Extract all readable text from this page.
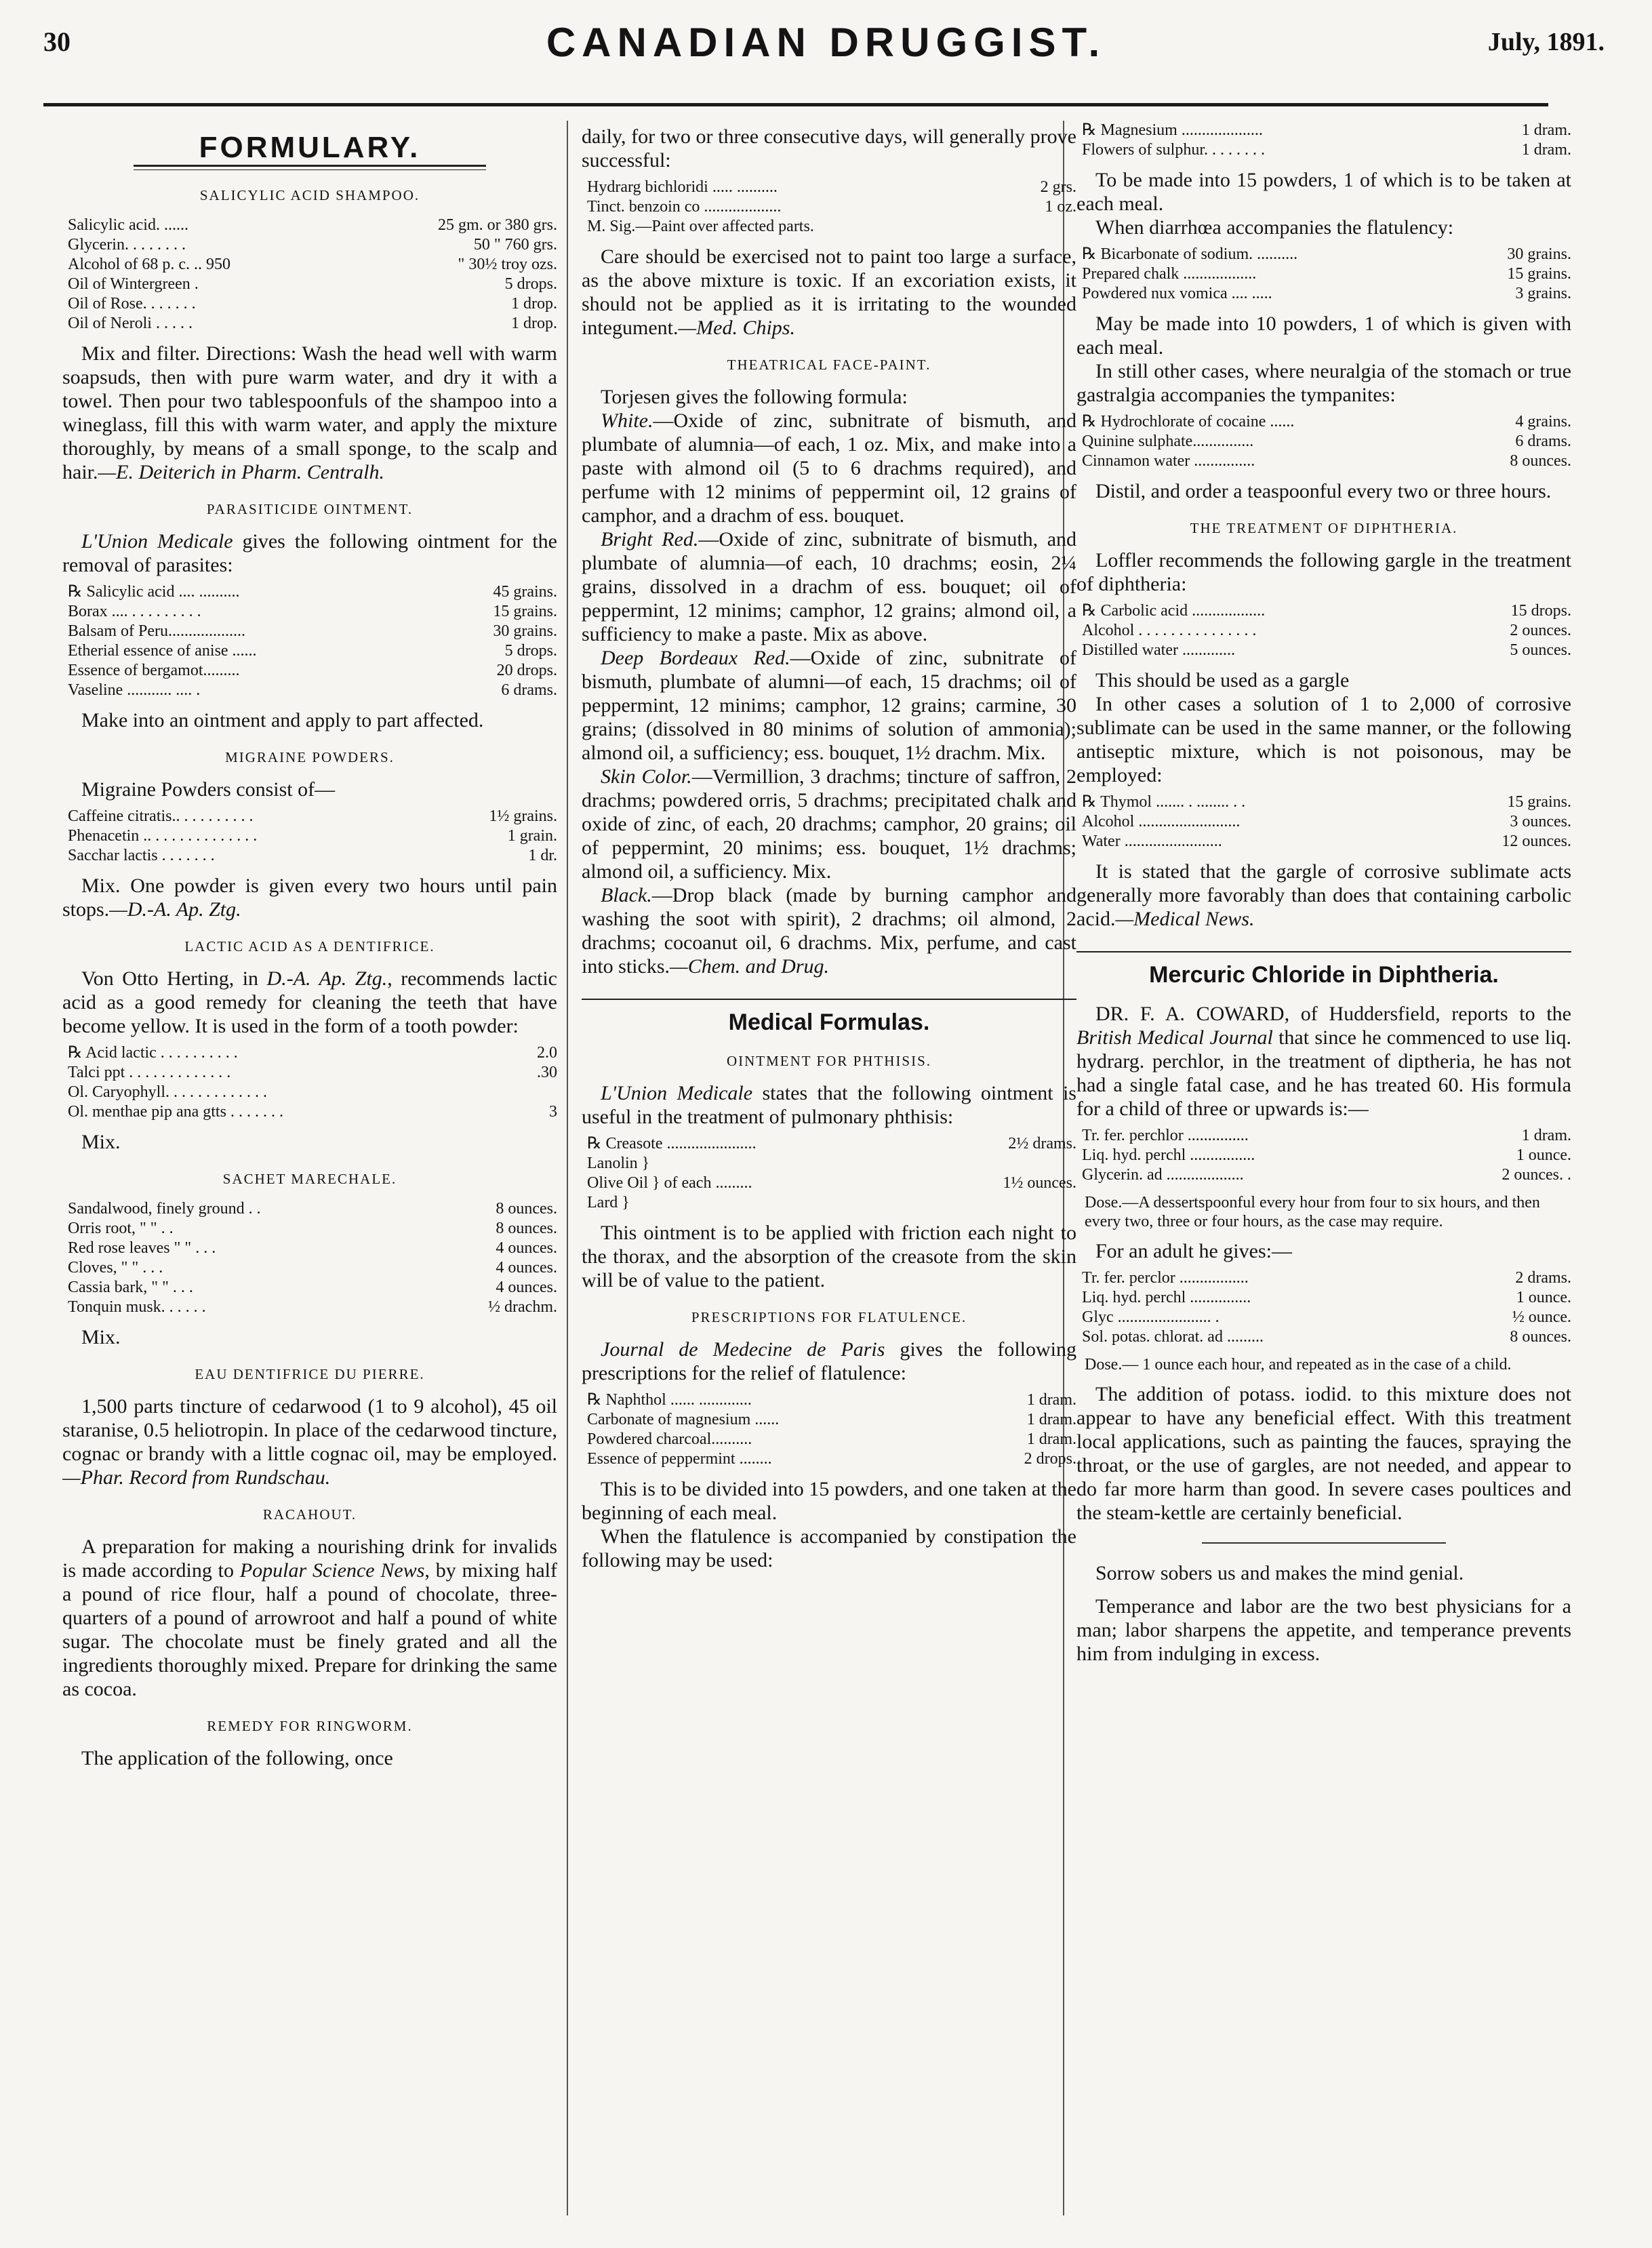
30	CANADIAN DRUGGIST.	July, 1891.
FORMULARY.
SALICYLIC ACID SHAMPOO.
Salicylic acid. ......	25 gm. or 380 grs.
Glycerin. . . . . . . .	50 " 760 grs.
Alcohol of 68 p. c. .. 950	" 30½ troy ozs.
Oil of Wintergreen .	5 drops.
Oil of Rose. . . . . . .	1 drop.
Oil of Neroli . . . . .	1 drop.

Mix and filter. Directions: Wash the head well with warm soapsuds, then with pure warm water, and dry it with a towel. Then pour two tablespoonfuls of the shampoo into a wineglass, fill this with warm water, and apply the mixture thoroughly, by means of a small sponge, to the scalp and hair.—E. Deiterich in Pharm. Centralh.

PARASITICIDE OINTMENT.

L'Union Medicale gives the following ointment for the removal of parasites:

℞ Salicylic acid .... ..........	45 grains.
Borax .... . . . . . . . . .	15 grains.
Balsam of Peru...................	30 grains.
Etherial essence of anise ......	5 drops.
Essence of bergamot.........	20 drops.
Vaseline ........... .... .	6 drams.

Make into an ointment and apply to part affected.

MIGRAINE POWDERS.

Migraine Powders consist of—

Caffeine citratis.. . . . . . . . . .	1½ grains.
Phenacetin .. . . . . . . . . . . . . .	1 grain.
Sacchar lactis . . . . . . .	1 dr.

Mix. One powder is given every two hours until pain stops.—D.-A. Ap. Ztg.

LACTIC ACID AS A DENTIFRICE.

Von Otto Herting, in D.-A. Ap. Ztg., recommends lactic acid as a good remedy for cleaning the teeth that have become yellow. It is used in the form of a tooth powder:

℞ Acid lactic . . . . . . . . . .	2.0
Talci ppt . . . . . . . . . . . . .	.30
Ol. Caryophyll. . . . . . . . . . . . .
Ol. menthae pip ana gtts . . . . . . .	3

Mix.

SACHET MARECHALE.
Sandalwood, finely ground . .	8 ounces.
Orris root, " " . .	8 ounces.
Red rose leaves " " . . .	4 ounces.
Cloves, " " . . .	4 ounces.
Cassia bark, " " . . .	4 ounces.
Tonquin musk. . . . . .	½ drachm.

Mix.

EAU DENTIFRICE DU PIERRE.

1,500 parts tincture of cedarwood (1 to 9 alcohol), 45 oil staranise, 0.5 heliotropin. In place of the cedarwood tincture, cognac or brandy with a little cognac oil, may be employed.—Phar. Record from Rundschau.

RACAHOUT.

A preparation for making a nourishing drink for invalids is made according to Popular Science News, by mixing half a pound of rice flour, half a pound of chocolate, three-quarters of a pound of arrowroot and half a pound of white sugar. The chocolate must be finely grated and all the ingredients thoroughly mixed. Prepare for drinking the same as cocoa.

REMEDY FOR RINGWORM.

The application of the following, once

daily, for two or three consecutive days, will generally prove successful:

Hydrarg bichloridi ..... ..........	2 grs.
Tinct. benzoin co ...................	1 oz.
M. Sig.—Paint over affected parts.

Care should be exercised not to paint too large a surface, as the above mixture is toxic. If an excoriation exists, it should not be applied as it is irritating to the wounded integument.—Med. Chips.

THEATRICAL FACE-PAINT.

Torjesen gives the following formula:

White.—Oxide of zinc, subnitrate of bismuth, and plumbate of alumnia—of each, 1 oz. Mix, and make into a paste with almond oil (5 to 6 drachms required), and perfume with 12 minims of peppermint oil, 12 grains of camphor, and a drachm of ess. bouquet.

Bright Red.—Oxide of zinc, subnitrate of bismuth, and plumbate of alumnia—of each, 10 drachms; eosin, 2¼ grains, dissolved in a drachm of ess. bouquet; oil of peppermint, 12 minims; camphor, 12 grains; almond oil, a sufficiency to make a paste. Mix as above.

Deep Bordeaux Red.—Oxide of zinc, subnitrate of bismuth, plumbate of alumni—of each, 15 drachms; oil of peppermint, 12 minims; camphor, 12 grains; carmine, 30 grains; (dissolved in 80 minims of solution of ammonia); almond oil, a sufficiency; ess. bouquet, 1½ drachm. Mix.

Skin Color.—Vermillion, 3 drachms; tincture of saffron, 2 drachms; powdered orris, 5 drachms; precipitated chalk and oxide of zinc, of each, 20 drachms; camphor, 20 grains; oil of peppermint, 20 minims; ess. bouquet, 1½ drachms; almond oil, a sufficiency. Mix.

Black.—Drop black (made by burning camphor and washing the soot with spirit), 2 drachms; oil almond, 2 drachms; cocoanut oil, 6 drachms. Mix, perfume, and cast into sticks.—Chem. and Drug.

Medical Formulas.
OINTMENT FOR PHTHISIS.

L'Union Medicale states that the following ointment is useful in the treatment of pulmonary phthisis:

℞ Creasote ......................	2½ drams.
Lanolin }
Olive Oil } of each .........	1½ ounces.
Lard }

This ointment is to be applied with friction each night to the thorax, and the absorption of the creasote from the skin will be of value to the patient.

PRESCRIPTIONS FOR FLATULENCE.

Journal de Medecine de Paris gives the following prescriptions for the relief of flatulence:

℞ Naphthol ...... .............	1 dram.
Carbonate of magnesium ......	1 dram.
Powdered charcoal..........	1 dram.
Essence of peppermint ........	2 drops.

This is to be divided into 15 powders, and one taken at the beginning of each meal.

When the flatulence is accompanied by constipation the following may be used:

℞ Magnesium ....................	1 dram.
Flowers of sulphur. . . . . . . .	1 dram.

To be made into 15 powders, 1 of which is to be taken at each meal.

When diarrhœa accompanies the flatulency:

℞ Bicarbonate of sodium. ..........	30 grains.
Prepared chalk ..................	15 grains.
Powdered nux vomica .... .....	3 grains.

May be made into 10 powders, 1 of which is given with each meal.

In still other cases, where neuralgia of the stomach or true gastralgia accompanies the tympanites:

℞ Hydrochlorate of cocaine ......	4 grains.
Quinine sulphate...............	6 drams.
Cinnamon water ...............	8 ounces.

Distil, and order a teaspoonful every two or three hours.

THE TREATMENT OF DIPHTHERIA.

Loffler recommends the following gargle in the treatment of diphtheria:

℞ Carbolic acid ..................	15 drops.
Alcohol . . . . . . . . . . . . . . .	2 ounces.
Distilled water .............	5 ounces.

This should be used as a gargle

In other cases a solution of 1 to 2,000 of corrosive sublimate can be used in the same manner, or the following antiseptic mixture, which is not poisonous, may be employed:

℞ Thymol ....... . ........ . .	15 grains.
Alcohol .........................	3 ounces.
Water ........................	12 ounces.

It is stated that the gargle of corrosive sublimate acts generally more favorably than does that containing carbolic acid.—Medical News.

Mercuric Chloride in Diphtheria.

DR. F. A. COWARD, of Huddersfield, reports to the British Medical Journal that since he commenced to use liq. hydrarg. perchlor, in the treatment of diptheria, he has not had a single fatal case, and he has treated 60. His formula for a child of three or upwards is:—

Tr. fer. perchlor ...............	1 dram.
Liq. hyd. perchl ................	1 ounce.
Glycerin. ad ...................	2 ounces. .
Dose.—A dessertspoonful every hour from four to six hours, and then every two, three or four hours, as the case may require.

For an adult he gives:—

Tr. fer. perclor .................	2 drams.
Liq. hyd. perchl ...............	1 ounce.
Glyc ....................... .	½ ounce.
Sol. potas. chlorat. ad .........	8 ounces.
Dose.— 1 ounce each hour, and repeated as in the case of a child.

The addition of potass. iodid. to this mixture does not appear to have any beneficial effect. With this treatment local applications, such as painting the fauces, spraying the throat, or the use of gargles, are not needed, and appear to do far more harm than good. In severe cases poultices and the steam-kettle are certainly beneficial.

Sorrow sobers us and makes the mind genial.

Temperance and labor are the two best physicians for a man; labor sharpens the appetite, and temperance prevents him from indulging in excess.
